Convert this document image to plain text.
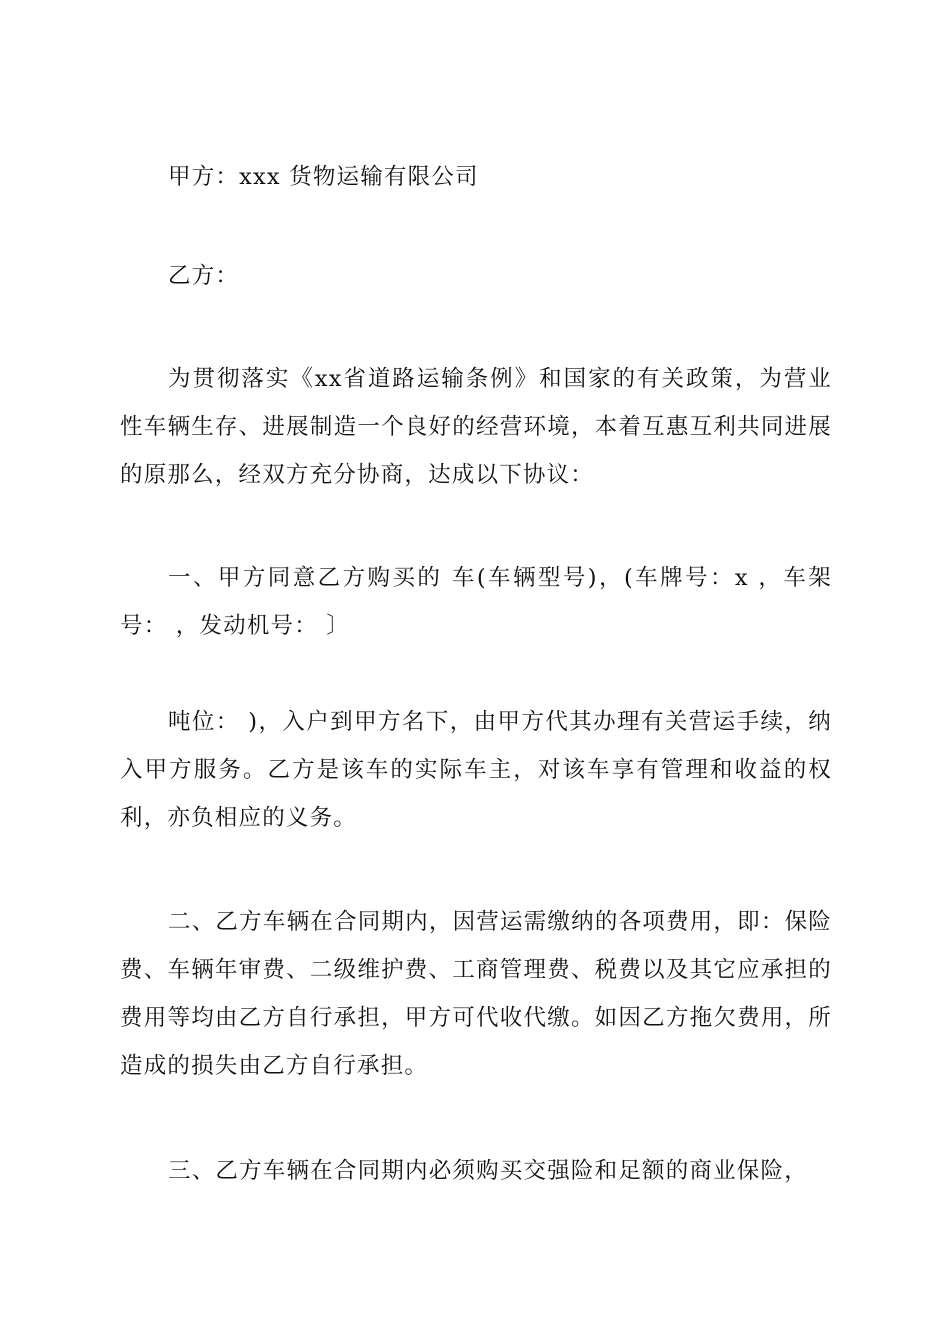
甲方：xxx 货物运输有限公司

乙方：

为贯彻落实《xx省道路运输条例》和国家的有关政策，为营业性车辆生存、进展制造一个良好的经营环境，本着互惠互利共同进展的原那么，经双方充分协商，达成以下协议：

一、甲方同意乙方购买的 车(车辆型号)，(车牌号：x ，车架号： ，发动机号： 〕

吨位： )，入户到甲方名下，由甲方代其办理有关营运手续，纳入甲方服务。乙方是该车的实际车主，对该车享有管理和收益的权利，亦负相应的义务。

二、乙方车辆在合同期内，因营运需缴纳的各项费用，即：保险费、车辆年审费、二级维护费、工商管理费、税费以及其它应承担的费用等均由乙方自行承担，甲方可代收代缴。如因乙方拖欠费用，所造成的损失由乙方自行承担。

三、乙方车辆在合同期内必须购买交强险和足额的商业保险，
